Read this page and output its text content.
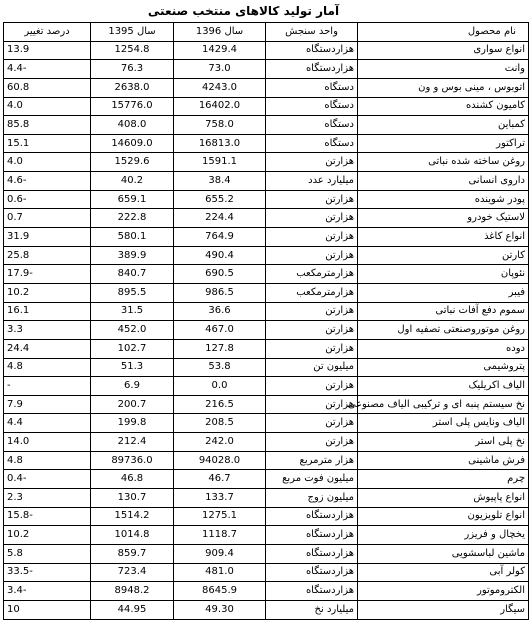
آمار تولید کالاهای منتخب صنعتی
نام محصول	واحد سنجش	سال 1396	سال 1395	درصد تغییر
انواع سواری	هزاردستگاه	1429.4	1254.8	13.9
وانت	هزاردستگاه	73.0	76.3	-4.4
اتوبوس ، مینی بوس و ون	دستگاه	4243.0	2638.0	60.8
کامیون کشنده	دستگاه	16402.0	15776.0	4.0
کمباین	دستگاه	758.0	408.0	85.8
تراکتور	دستگاه	16813.0	14609.0	15.1
روغن ساخته شده نباتی	هزارتن	1591.1	1529.6	4.0
داروی انسانی	میلیارد عدد	38.4	40.2	-4.6
پودر شوینده	هزارتن	655.2	659.1	-0.6
لاستیک خودرو	هزارتن	224.4	222.8	0.7
انواع کاغذ	هزارتن	764.9	580.1	31.9
کارتن	هزارتن	490.4	389.9	25.8
نئوپان	هزارمترمکعب	690.5	840.7	-17.9
فیبر	هزارمترمکعب	986.5	895.5	10.2
سموم دفع آفات نباتی	هزارتن	36.6	31.5	16.1
روغن موتوروصنعتی تصفیه اول	هزارتن	467.0	452.0	3.3
دوده	هزارتن	127.8	102.7	24.4
پتروشیمی	میلیون تن	53.8	51.3	4.8
الیاف اکریلیک	هزارتن	0.0	6.9	-
نخ سیستم پنبه ای و ترکیبی الیاف مصنوعی	هزارتن	216.5	200.7	7.9
الیاف ونایس پلی استر	هزارتن	208.5	199.8	4.4
نخ پلی استر	هزارتن	242.0	212.4	14.0
فرش ماشینی	هزار مترمربع	94028.0	89736.0	4.8
چرم	میلیون فوت مربع	46.7	46.8	-0.4
انواع پاپیوش	میلیون زوج	133.7	130.7	2.3
انواع تلویزیون	هزاردستگاه	1275.1	1514.2	-15.8
یخچال و فریزر	هزاردستگاه	1118.7	1014.8	10.2
ماشین لباسشویی	هزاردستگاه	909.4	859.7	5.8
کولر آبی	هزاردستگاه	481.0	723.4	-33.5
الکتروموتور	هزاردستگاه	8645.9	8948.2	-3.4
سیگار	میلیارد نخ	49.30	44.95	10
